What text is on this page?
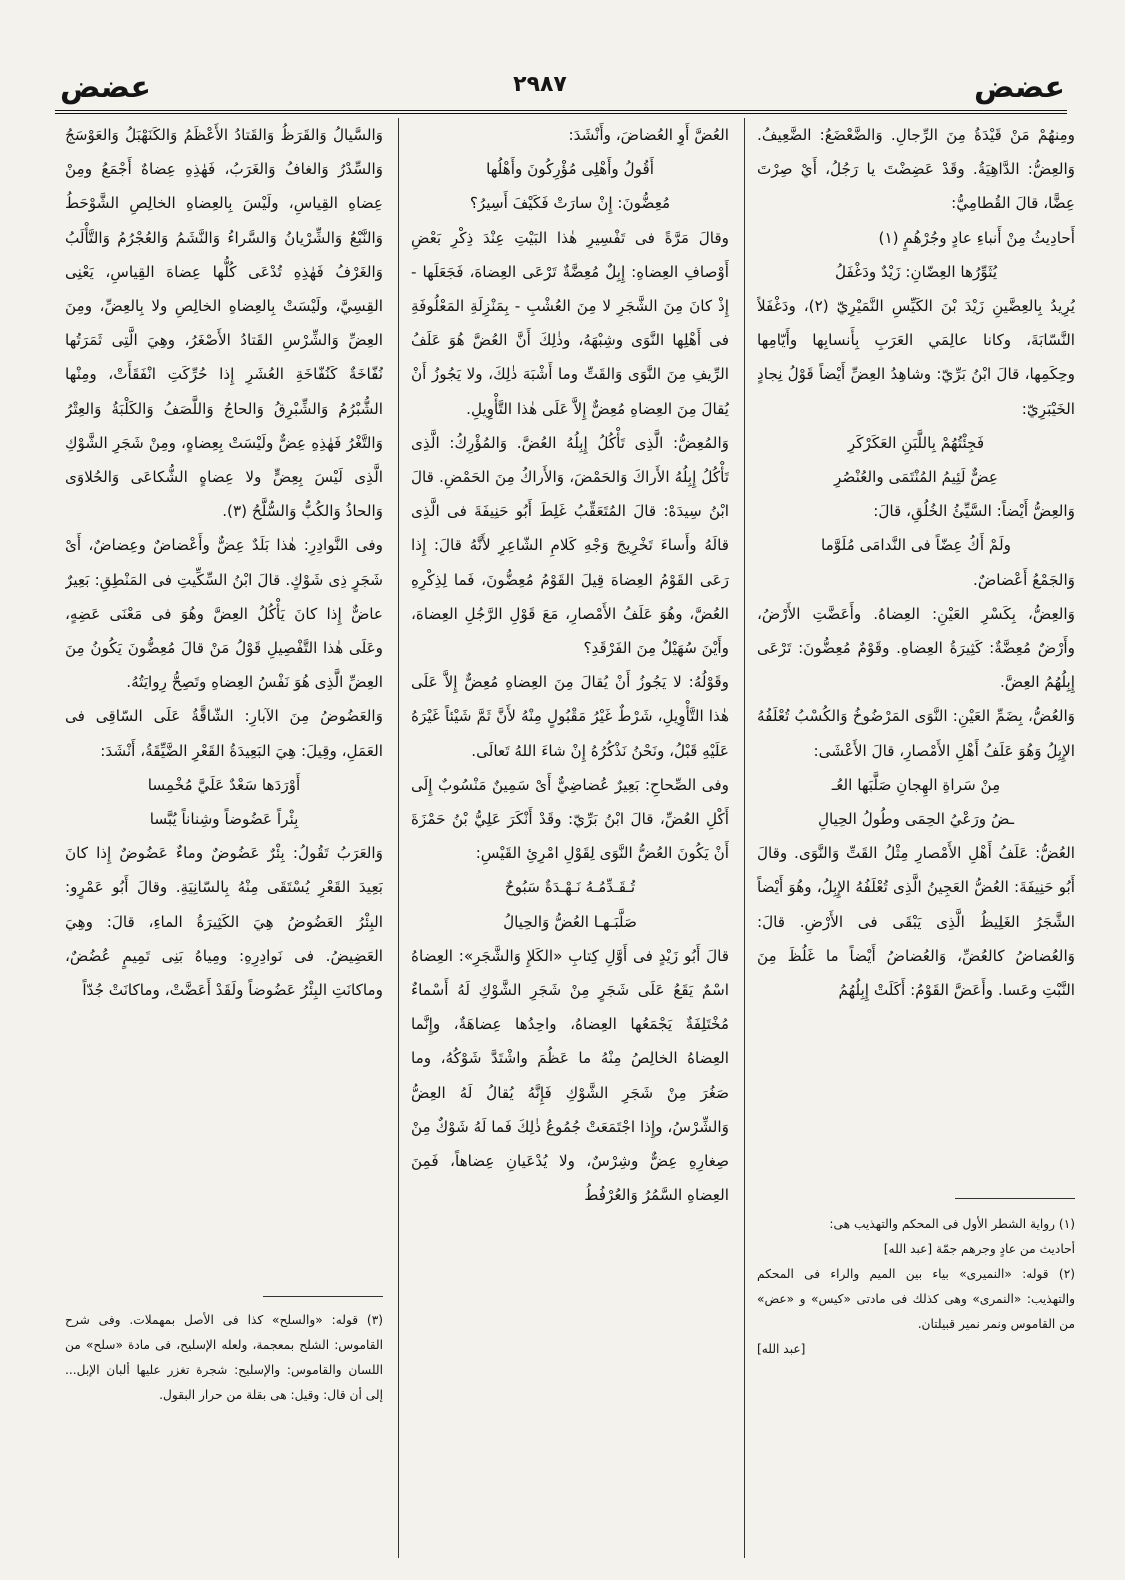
عضض
٢٩٨٧
عضض

ومِنهُمْ مَنْ قَيْدَةُ مِنَ الرِّجالِ. وَالضَّعْضَعُ: الضَّعِيفُ. وَالعِضُّ: الدَّاهِيَةُ. وقَدْ عَضِضْتَ يا رَجُلُ، أَيْ صِرْتَ عِضًّا، قالَ القُطامِيُّ:

أَحادِيثُ مِنْ أَنباءِ عادٍ وجُرْهُمٍ (١)

يُثَوِّرُها العِضّانِ: زَيْدٌ ودَغْفَلُ

يُرِيدُ بِالعِضَّينِ زَيْدَ بْنَ الكَيِّسِ النَّمَيْرِيّ (٢)، ودَغْفَلاً النَّسّابَةَ، وكانا عالِمَي العَرَبِ بِأَنسابِها وأَيّامِها وحِكَمِها، قالَ ابْنُ بَرِّيّ: وشاهِدُ العِضِّ أَيْضاً قَوْلُ نِجادٍ الخَيْبَرِيّ:

فَجِئْتُهُمْ بِاللَّبَنِ العَكَرْكَرِ

عِضٌّ لَئِيمُ المُنْتَمَى والعُنْصُرِ

وَالعِضُّ أَيْضاً: السَّيِّئُ الخُلُقِ، قالَ:

ولَمْ أَكُ عِضّاً فى النَّدامَى مُلَوَّما

وَالجَمْعُ أَعْضاضٌ.

وَالعِضُّ، بِكَسْرِ العَيْنِ: العِضاهُ. وأَعَضَّتِ الأَرْضُ، وأَرْضٌ مُعِضَّةٌ: كَثِيرَةُ العِضاهِ. وقَوْمٌ مُعِضُّونَ: تَرْعَى إِبِلُهُمُ العِضَّ.

وَالعُضُّ، بِضَمِّ العَيْنِ: النَّوَى المَرْضُوخُ وَالكُسْبُ تُعْلَفُهُ الإِبِلُ وَهُوَ عَلَفُ أَهْلِ الأَمْصارِ، قالَ الأَعْشَى:

مِنْ سَراةِ الهِجانِ صَلَّبَها العُـ

ـضُ ورَعْيُ الحِمَى وطُولُ الحِيالِ

العُضُّ: عَلَفُ أَهْلِ الأَمْصارِ مِثْلُ القَتِّ وَالنَّوَى. وقالَ أَبُو حَنِيفَةَ: العُضُّ العَجِينُ الَّذِى تُعْلَفُهُ الإِبِلُ، وهُوَ أَيْضاً الشَّجَرُ الغَلِيظُ الَّذِى يَبْقَى فى الأَرْضِ. قالَ: وَالعُضاضُ كالعُضِّ، وَالعُضاضُ أَيْضاً ما غَلُظَ مِنَ النَّبْتِ وعَسا. وأَعَضَّ القَوْمُ: أَكَلَتْ إِبِلُهُمُ

العُضَّ أَوِ العُضاضَ، وأَنْشَدَ:

أَقُولُ وأَهْلِى مُؤْرِكُونَ وأَهْلُها

مُعِضُّونَ: إِنْ سارَتْ فَكَيْفَ أَسِيرُ؟

وقالَ مَرَّةً فى تَفْسِيرِ هٰذا البَيْتِ عِنْدَ ذِكْرِ بَعْضِ أَوْصافِ العِضاهِ: إِبِلٌ مُعِضَّةٌ تَرْعَى العِضاهَ، فَجَعَلَها - إِذْ كانَ مِنَ الشَّجَرِ لا مِنَ العُشْبِ - بِمَنْزِلَةِ المَعْلُوفَةِ فى أَهْلِها النَّوَى وشِبْهَهُ، وذٰلِكَ أَنَّ العُضَّ هُوَ عَلَفُ الرِّيفِ مِنَ النَّوَى وَالقَتِّ وما أَشْبَهَ ذٰلِكَ، ولا يَجُوزُ أَنْ يُقالَ مِنَ العِضاهِ مُعِضٌّ إِلاَّ عَلَى هٰذا التَّأْوِيلِ.

وَالمُعِضُّ: الَّذِى تَأْكُلُ إِبِلُهُ العُضَّ. وَالمُؤْرِكُ: الَّذِى تَأْكُلُ إِبِلُهُ الأَراكَ وَالحَمْضَ، وَالأَراكُ مِنَ الحَمْضِ. قالَ ابْنُ سِيدَهْ: قالَ المُتَعَقِّبُ غَلِطَ أَبُو حَنِيفَةَ فى الَّذِى قالَهُ وأَساءَ تَخْرِيجَ وَجْهِ كَلامِ الشّاعِرِ لأَنَّهُ قالَ: إِذا رَعَى القَوْمُ العِضاهَ قِيلَ القَوْمُ مُعِضُّونَ، فَما لِذِكْرِهِ العُضَّ، وهُوَ عَلَفُ الأَمْصارِ، مَعَ قَوْلِ الرَّجُلِ العِضاهَ، وأَيْنَ سُهَيْلٌ مِنَ الفَرْقَدِ؟

وقَوْلُهُ: لا يَجُوزُ أَنْ يُقالَ مِنَ العِضاهِ مُعِضٌّ إِلاَّ عَلَى هٰذا التَّأْوِيلِ، شَرْطٌ غَيْرُ مَقْبُولٍ مِنْهُ لأَنَّ ثَمَّ شَيْئاً غَيْرَهُ عَلَيْهِ قَبْلُ، ونَحْنُ نَذْكُرُهُ إِنْ شاءَ اللهُ تَعالَى.

وفى الصِّحاحِ: بَعِيرٌ عُضاضِيٌّ أَىْ سَمِينٌ مَنْسُوبٌ إِلَى أَكْلِ العُضِّ، قالَ ابْنُ بَرِّيّ: وقَدْ أَنْكَرَ عَلِيُّ بْنُ حَمْزَةَ أَنْ يَكُونَ العُضُّ النَّوَى لِقَوْلِ امْرِئِ القَيْسِ:

تُـقَـدِّمُـهُ نَـهْـدَةٌ سَبُوحٌ

صَلَّبَـهـا العُضُّ وَالحِيالُ

قالَ أَبُو زَيْدٍ فى أَوَّلِ كِتابِ «الكَلإِ وَالشَّجَرِ»: العِضاهُ اسْمٌ يَقَعُ عَلَى شَجَرٍ مِنْ شَجَرِ الشَّوْكِ لَهُ أَسْماءٌ مُخْتَلِفَةٌ يَجْمَعُها العِضاهُ، واحِدُها عِضاهَةٌ، وإِنَّما العِضاهُ الخالِصُ مِنْهُ ما عَظُمَ واشْتَدَّ شَوْكُهُ، وما صَغُرَ مِنْ شَجَرِ الشَّوْكِ فَإِنَّهُ يُقالُ لَهُ العِضُّ وَالشِّرْسُ، وإِذا اجْتَمَعَتْ جُمُوعُ ذٰلِكَ فَما لَهُ شَوْكٌ مِنْ صِغارِهِ عِضٌّ وشِرْسٌ، ولا يُدْعَيانِ عِضاهاً، فَمِنَ العِضاهِ السَّمُرُ وَالعُرْفُطُ

وَالسَّيالُ وَالقَرَظُ وَالقَتادُ الأَعْظَمُ وَالكَنَهْبَلُ وَالعَوْسَجُ وَالسِّدْرُ وَالغافُ وَالغَرَبُ، فَهٰذِهِ عِضاهٌ أَجْمَعُ ومِنْ عِضاهِ القِياسِ، ولَيْسَ بِالعِضاهِ الخالِصِ الشَّوْحَطُ وَالنَّبْعُ وَالشِّرْيانُ وَالسَّراءُ وَالنَّشَمُ وَالعُجْرُمُ وَالتَّأْلَبُ وَالغَرْفُ فَهٰذِهِ تُدْعَى كُلُّها عِضاهَ القِياسِ، يَعْنِى القِسِيَّ، ولَيْسَتْ بِالعِضاهِ الخالِصِ ولا بِالعِضِّ، ومِنَ العِضِّ وَالشِّرْسِ القَتادُ الأَصْغَرُ، وهِيَ الَّتِى ثَمَرَتُها نُفّاخَةٌ كَنُفّاخَةِ العُشَرِ إِذا حُرِّكَتِ انْفَقَأَتْ، ومِنْها الشُّبْرُمُ وَالشِّبْرِقُ وَالحاجُ وَاللَّصَفُ وَالكَلْبَةُ وَالعِتْرُ وَالتَّغْرُ فَهٰذِهِ عِضٌّ ولَيْسَتْ بِعِضاهٍ، ومِنْ شَجَرِ الشَّوْكِ الَّذِى لَيْسَ بِعِضٍّ ولا عِضاهٍ الشُّكاعَى وَالحُلاوَى وَالحاذُ وَالكُبُّ وَالسُّلَّحُ (٣).

وفى النَّوادِرِ: هٰذا بَلَدٌ عِضٌّ وأَعْضاضٌ وعِضاضٌ، أَىْ شَجَرٍ ذِى شَوْكٍ. قالَ ابْنُ السِّكِّيتِ فى المَنْطِقِ: بَعِيرٌ عاضٌّ إِذا كانَ يَأْكُلُ العِضَّ وهُوَ فى مَعْنَى عَضِهٍ، وعَلَى هٰذا التَّفْصِيلِ قَوْلُ مَنْ قالَ مُعِضُّونَ يَكُونُ مِنَ العِضِّ الَّذِى هُوَ نَفْسُ العِضاهِ وتَصِحُّ رِوايَتُهُ.

وَالعَضُوضُ مِنَ الآبارِ: الشّاقَّةُ عَلَى السّاقِى فى العَمَلِ، وقِيلَ: هِيَ البَعِيدَةُ القَعْرِ الضَّيِّقَةُ، أَنْشَدَ:

أَوْرَدَها سَعْدٌ عَلَيَّ مُخْمِسا

بِئْراً عَضُوضاً وشِناناً يُبَّسا

وَالعَرَبُ تَقُولُ: بِئْرٌ عَضُوضٌ وماءٌ عَضُوضٌ إِذا كانَ بَعِيدَ القَعْرِ يُسْتَقَى مِنْهُ بِالسّانِيَةِ. وقالَ أَبُو عَمْرٍو: البِئْرُ العَضُوضُ هِيَ الكَثِيرَةُ الماءِ، قالَ: وهِيَ العَضِيضُ. فى نَوادِرِهِ: ومِياهُ بَنِى تَمِيمٍ عُضُضٌ، وماكانَتِ البِئْرُ عَضُوضاً ولَقَدْ أَعَضَّتْ، وماكانَتْ جُدّاً

(١) رواية الشطر الأول فى المحكم والتهذيب هى:

أحاديث من عادٍ وجرهم جمّة [عبد الله]

(٢) قوله: «النميرى» بياء بين الميم والراء فى المحكم والتهذيب: «النمرى» وهى كذلك فى مادتى «كيس» و «عض» من القاموس ونمر نمير قبيلتان.

[عبد الله]

(٣) قوله: «والسلح» كذا فى الأصل بمهملات. وفى شرح القاموس: الشلح بمعجمة، ولعله الإسليح، فى مادة «سلح» من اللسان والقاموس: والإسليح: شجرة تغزر عليها ألبان الإبل... إلى أن قال: وقيل: هى بقلة من حرار البقول.
